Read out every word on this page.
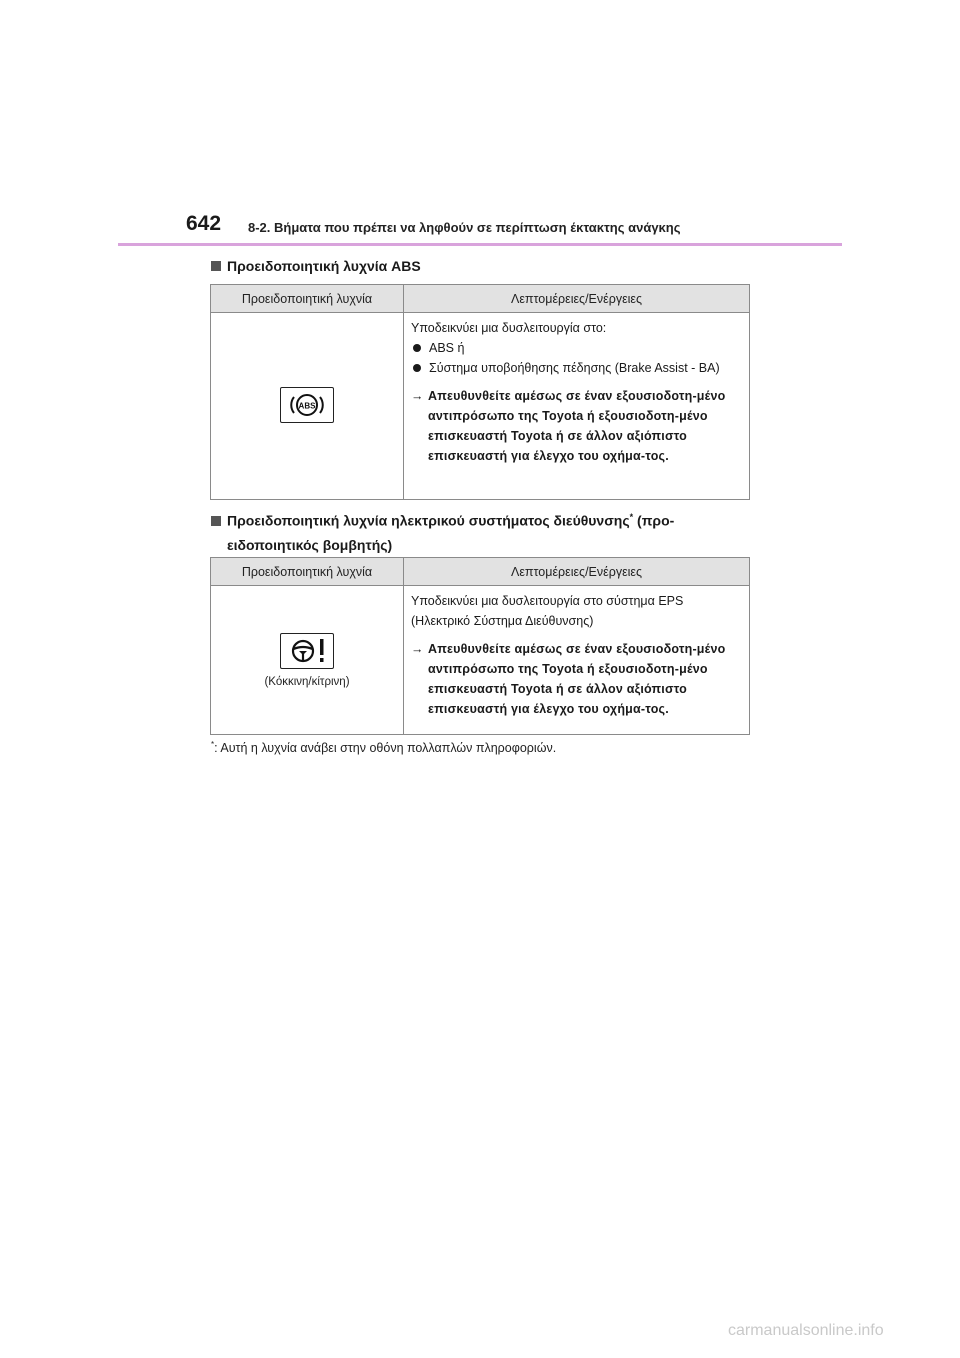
642 8-2. Βήματα που πρέπει να ληφθούν σε περίπτωση έκτακτης ανάγκης
Προειδοποιητική λυχνία ABS
Προειδοποιητική λυχνία	Λεπτομέρειες/Ενέργειες

ABS	Υποδεικνύει μια δυσλειτουργία στο:
ABS ή
Σύστημα υποβοήθησης πέδησης (Brake Assist - BA)
→ Απευθυνθείτε αμέσως σε έναν εξουσιοδοτη-μένο αντιπρόσωπο της Toyota ή εξουσιοδοτη-μένο επισκευαστή Toyota ή σε άλλον αξιόπιστο επισκευαστή για έλεγχο του οχήμα-τος.
Προειδοποιητική λυχνία ηλεκτρικού συστήματος διεύθυνσης* (προ-
ειδοποιητικός βομβητής)
Προειδοποιητική λυχνία	Λεπτομέρειες/Ενέργειες

(Κόκκινη/κίτρινη)	Υποδεικνύει μια δυσλειτουργία στο σύστημα EPS (Ηλεκτρικό Σύστημα Διεύθυνσης)
→ Απευθυνθείτε αμέσως σε έναν εξουσιοδοτη-μένο αντιπρόσωπο της Toyota ή εξουσιοδοτη-μένο επισκευαστή Toyota ή σε άλλον αξιόπιστο επισκευαστή για έλεγχο του οχήμα-τος.
*: Αυτή η λυχνία ανάβει στην οθόνη πολλαπλών πληροφοριών.
carmanualsonline.info
